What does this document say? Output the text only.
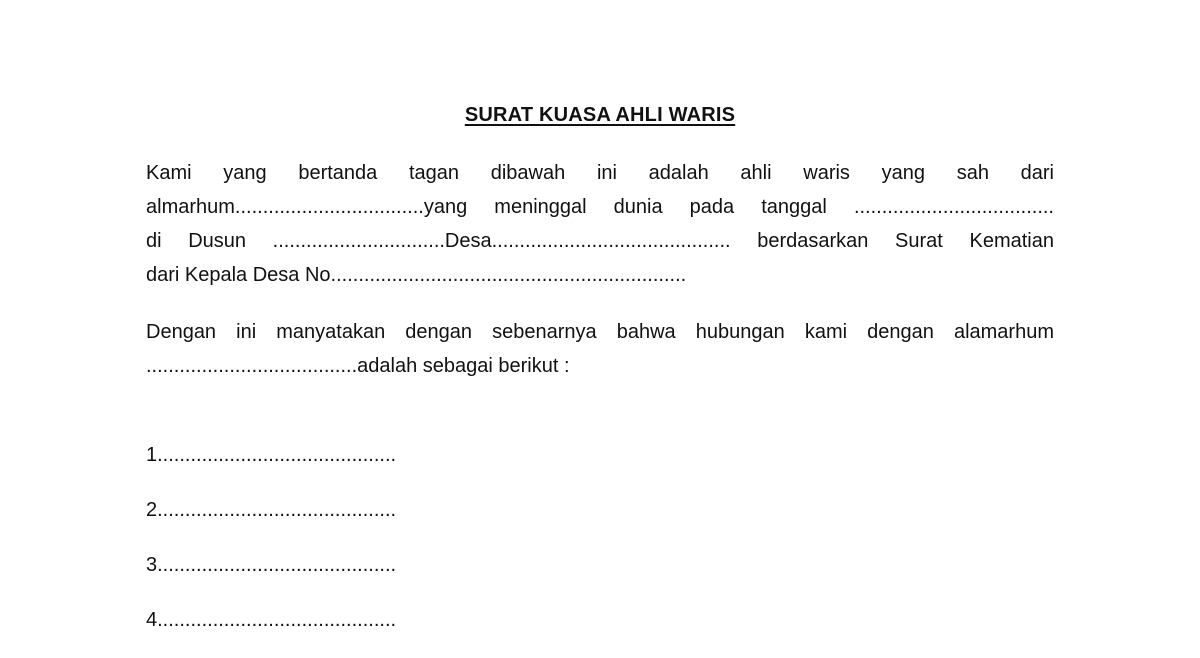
SURAT KUASA AHLI WARIS
Kami yang bertanda tagan dibawah ini adalah ahli waris yang sah dari
almarhum..................................yang meninggal dunia pada tanggal ....................................
di Dusun ...............................Desa........................................... berdasarkan Surat Kematian
dari Kepala Desa No................................................................
Dengan ini manyatakan dengan sebenarnya bahwa hubungan kami dengan alamarhum
......................................adalah sebagai berikut :
1...........................................
2...........................................
3...........................................
4...........................................
